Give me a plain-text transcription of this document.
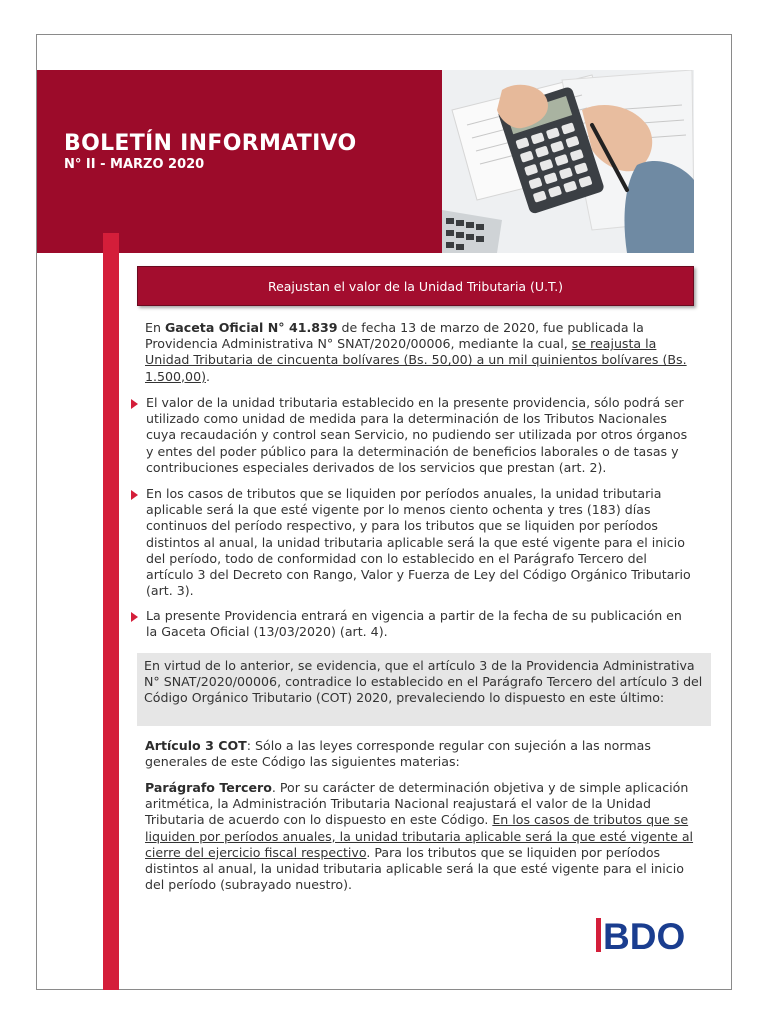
BOLETÍN INFORMATIVO
N° II - MARZO 2020
Reajustan el valor de la Unidad Tributaria (U.T.)

En Gaceta Oficial N° 41.839 de fecha 13 de marzo de 2020, fue publicada la Providencia Administrativa N° SNAT/2020/00006, mediante la cual, se reajusta la Unidad Tributaria de cincuenta bolívares (Bs. 50,00) a un mil quinientos bolívares (Bs. 1.500,00).

El valor de la unidad tributaria establecido en la presente providencia, sólo podrá ser utilizado como unidad de medida para la determinación de los Tributos Nacionales cuya recaudación y control sean Servicio, no pudiendo ser utilizada por otros órganos y entes del poder público para la determinación de beneficios laborales o de tasas y contribuciones especiales derivados de los servicios que prestan (art. 2).

En los casos de tributos que se liquiden por períodos anuales, la unidad tributaria aplicable será la que esté vigente por lo menos ciento ochenta y tres (183) días continuos del período respectivo, y para los tributos que se liquiden por períodos distintos al anual, la unidad tributaria aplicable será la que esté vigente para el inicio del período, todo de conformidad con lo establecido en el Parágrafo Tercero del artículo 3 del Decreto con Rango, Valor y Fuerza de Ley del Código Orgánico Tributario (art. 3).

La presente Providencia entrará en vigencia a partir de la fecha de su publicación en la Gaceta Oficial (13/03/2020) (art. 4).

En virtud de lo anterior, se evidencia, que el artículo 3 de la Providencia Administrativa N° SNAT/2020/00006, contradice lo establecido en el Parágrafo Tercero del artículo 3 del Código Orgánico Tributario (COT) 2020, prevaleciendo lo dispuesto en este último:

Artículo 3 COT: Sólo a las leyes corresponde regular con sujeción a las normas generales de este Código las siguientes materias:

Parágrafo Tercero. Por su carácter de determinación objetiva y de simple aplicación aritmética, la Administración Tributaria Nacional reajustará el valor de la Unidad Tributaria de acuerdo con lo dispuesto en este Código. En los casos de tributos que se liquiden por períodos anuales, la unidad tributaria aplicable será la que esté vigente al cierre del ejercicio fiscal respectivo. Para los tributos que se liquiden por períodos distintos al anual, la unidad tributaria aplicable será la que esté vigente para el inicio del período (subrayado nuestro).

BDO
